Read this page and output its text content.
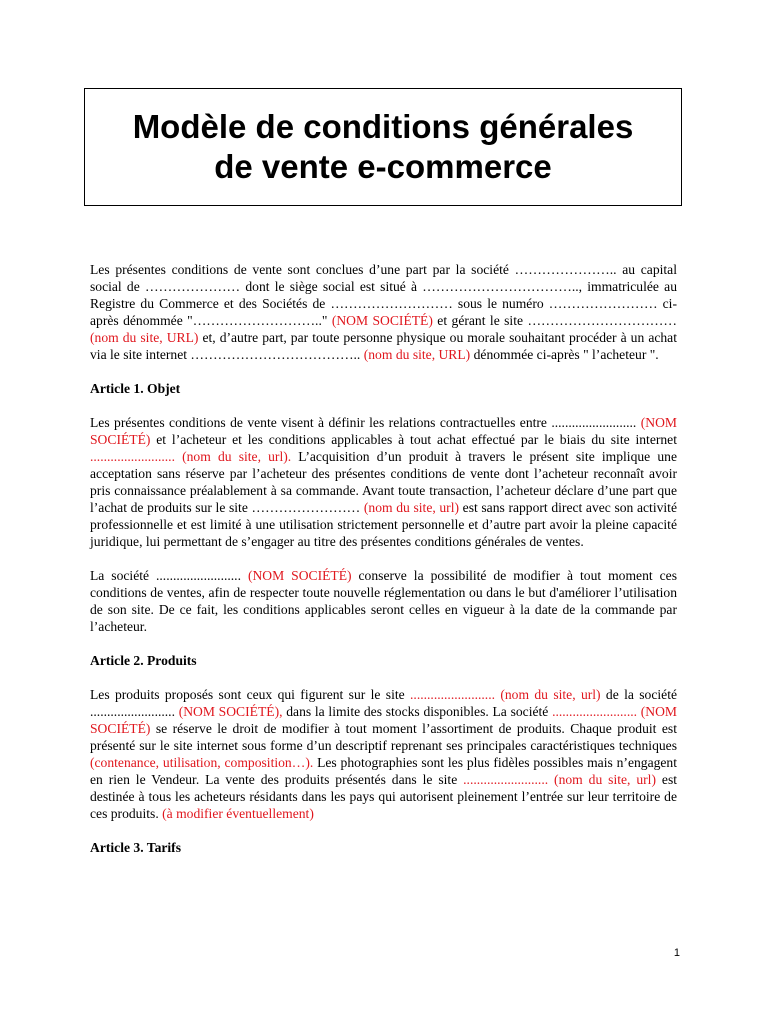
Modèle de conditions générales
de vente e-commerce

Les présentes conditions de vente sont conclues d’une part par la société ………………….. au capital social de ………………… dont le siège social est situé à …………………………….., immatriculée au Registre du Commerce et des Sociétés de ……………………… sous le numéro …………………… ci-après dénommée "……………………….." (NOM SOCIÉTÉ) et gérant le site …………………………… (nom du site, URL) et, d’autre part, par toute personne physique ou morale souhaitant procéder à un achat via le site internet ……………………………….. (nom du site, URL) dénommée ci-après " l’acheteur ".

Article 1. Objet

Les présentes conditions de vente visent à définir les relations contractuelles entre ......................... (NOM SOCIÉTÉ) et l’acheteur et les conditions applicables à tout achat effectué par le biais du site internet ......................... (nom du site, url). L’acquisition d’un produit à travers le présent site implique une acceptation sans réserve par l’acheteur des présentes conditions de vente dont l’acheteur reconnaît avoir pris connaissance préalablement à sa commande. Avant toute transaction, l’acheteur déclare d’une part que l’achat de produits sur le site …………………… (nom du site, url) est sans rapport direct avec son activité professionnelle et est limité à une utilisation strictement personnelle et d’autre part avoir la pleine capacité juridique, lui permettant de s’engager au titre des présentes conditions générales de ventes.

La société ......................... (NOM SOCIÉTÉ) conserve la possibilité de modifier à tout moment ces conditions de ventes, afin de respecter toute nouvelle réglementation ou dans le but d'améliorer l’utilisation de son site. De ce fait, les conditions applicables seront celles en vigueur à la date de la commande par l’acheteur.

Article 2. Produits

Les produits proposés sont ceux qui figurent sur le site ......................... (nom du site, url) de la société ......................... (NOM SOCIÉTÉ), dans la limite des stocks disponibles. La société ......................... (NOM SOCIÉTÉ) se réserve le droit de modifier à tout moment l’assortiment de produits. Chaque produit est présenté sur le site internet sous forme d’un descriptif reprenant ses principales caractéristiques techniques (contenance, utilisation, composition…). Les photographies sont les plus fidèles possibles mais n’engagent en rien le Vendeur. La vente des produits présentés dans le site ......................... (nom du site, url) est destinée à tous les acheteurs résidants dans les pays qui autorisent pleinement l’entrée sur leur territoire de ces produits. (à modifier éventuellement)

Article 3. Tarifs
1
